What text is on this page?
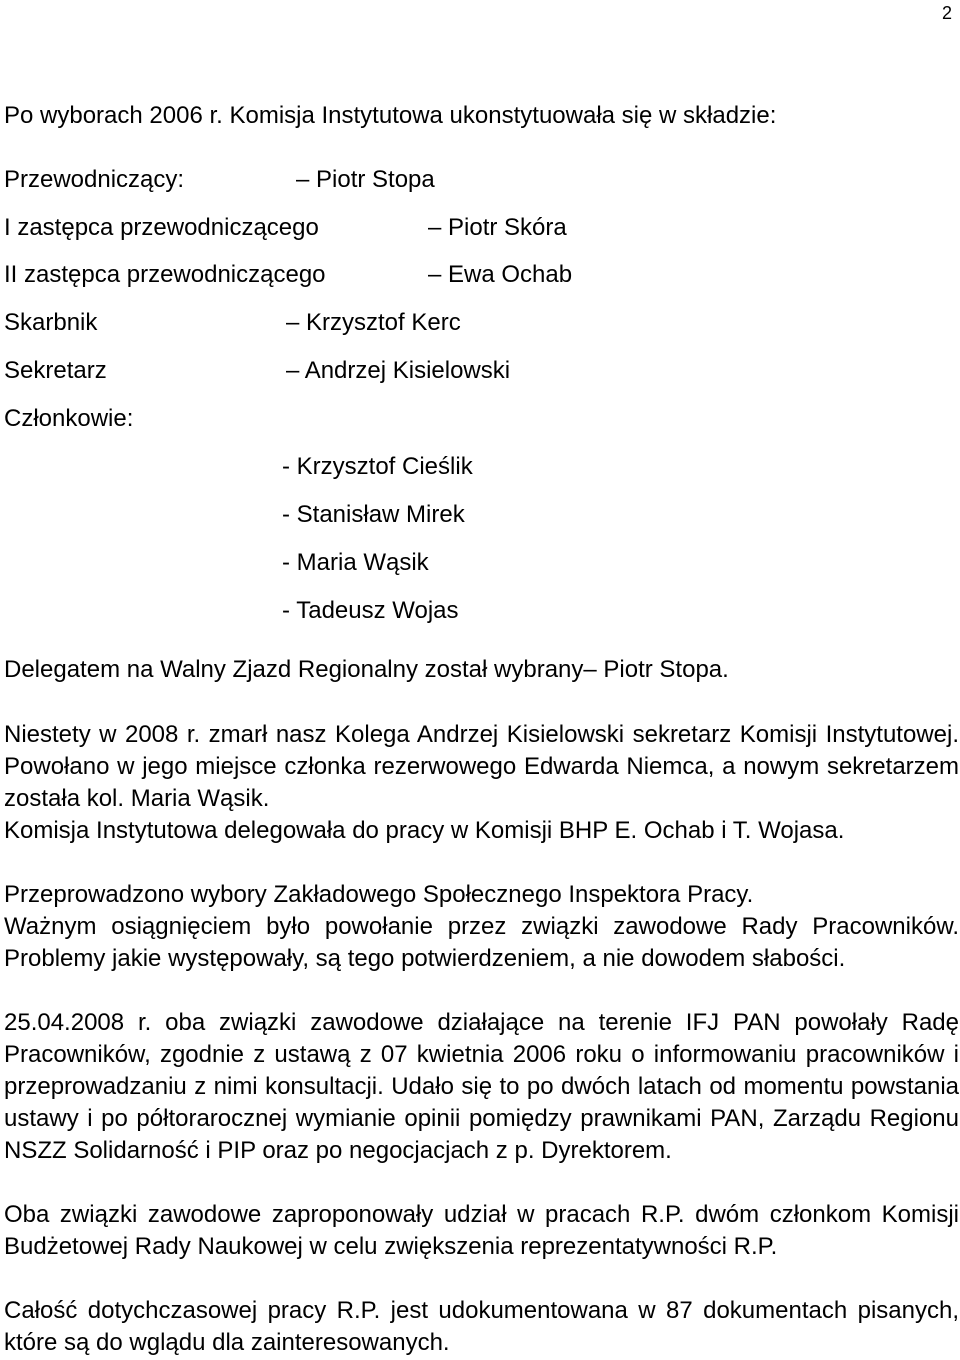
2
Po wyborach 2006 r. Komisja Instytutowa ukonstytuowała się w składzie:
Przewodniczący:	– Piotr Stopa
I zastępca przewodniczącego	– Piotr Skóra
II zastępca przewodniczącego	– Ewa Ochab
Skarbnik	– Krzysztof Kerc
Sekretarz	– Andrzej Kisielowski
Członkowie:
- Krzysztof Cieślik
- Stanisław Mirek
- Maria Wąsik
- Tadeusz Wojas
Delegatem na Walny Zjazd Regionalny został wybrany– Piotr Stopa.
Niestety w 2008 r. zmarł nasz Kolega Andrzej Kisielowski sekretarz Komisji Instytutowej. Powołano w jego miejsce członka rezerwowego Edwarda Niemca, a nowym sekretarzem została kol. Maria Wąsik.
Komisja Instytutowa delegowała do pracy w Komisji BHP E. Ochab i T. Wojasa.
Przeprowadzono wybory Zakładowego Społecznego Inspektora Pracy.
Ważnym osiągnięciem było powołanie przez związki zawodowe Rady Pracowników. Problemy jakie występowały, są tego potwierdzeniem, a nie dowodem słabości.
25.04.2008 r. oba związki zawodowe działające na terenie IFJ PAN powołały Radę Pracowników, zgodnie z ustawą z 07 kwietnia 2006 roku o informowaniu pracowników i przeprowadzaniu z nimi konsultacji. Udało się to po dwóch latach od momentu powstania ustawy i po półtorarocznej wymianie opinii pomiędzy prawnikami PAN, Zarządu Regionu NSZZ Solidarność i PIP oraz po negocjacjach z p. Dyrektorem.
Oba związki zawodowe zaproponowały udział w pracach R.P. dwóm członkom Komisji Budżetowej Rady Naukowej w celu zwiększenia reprezentatywności R.P.
Całość dotychczasowej pracy R.P. jest udokumentowana w 87 dokumentach pisanych, które są do wglądu dla zainteresowanych.
